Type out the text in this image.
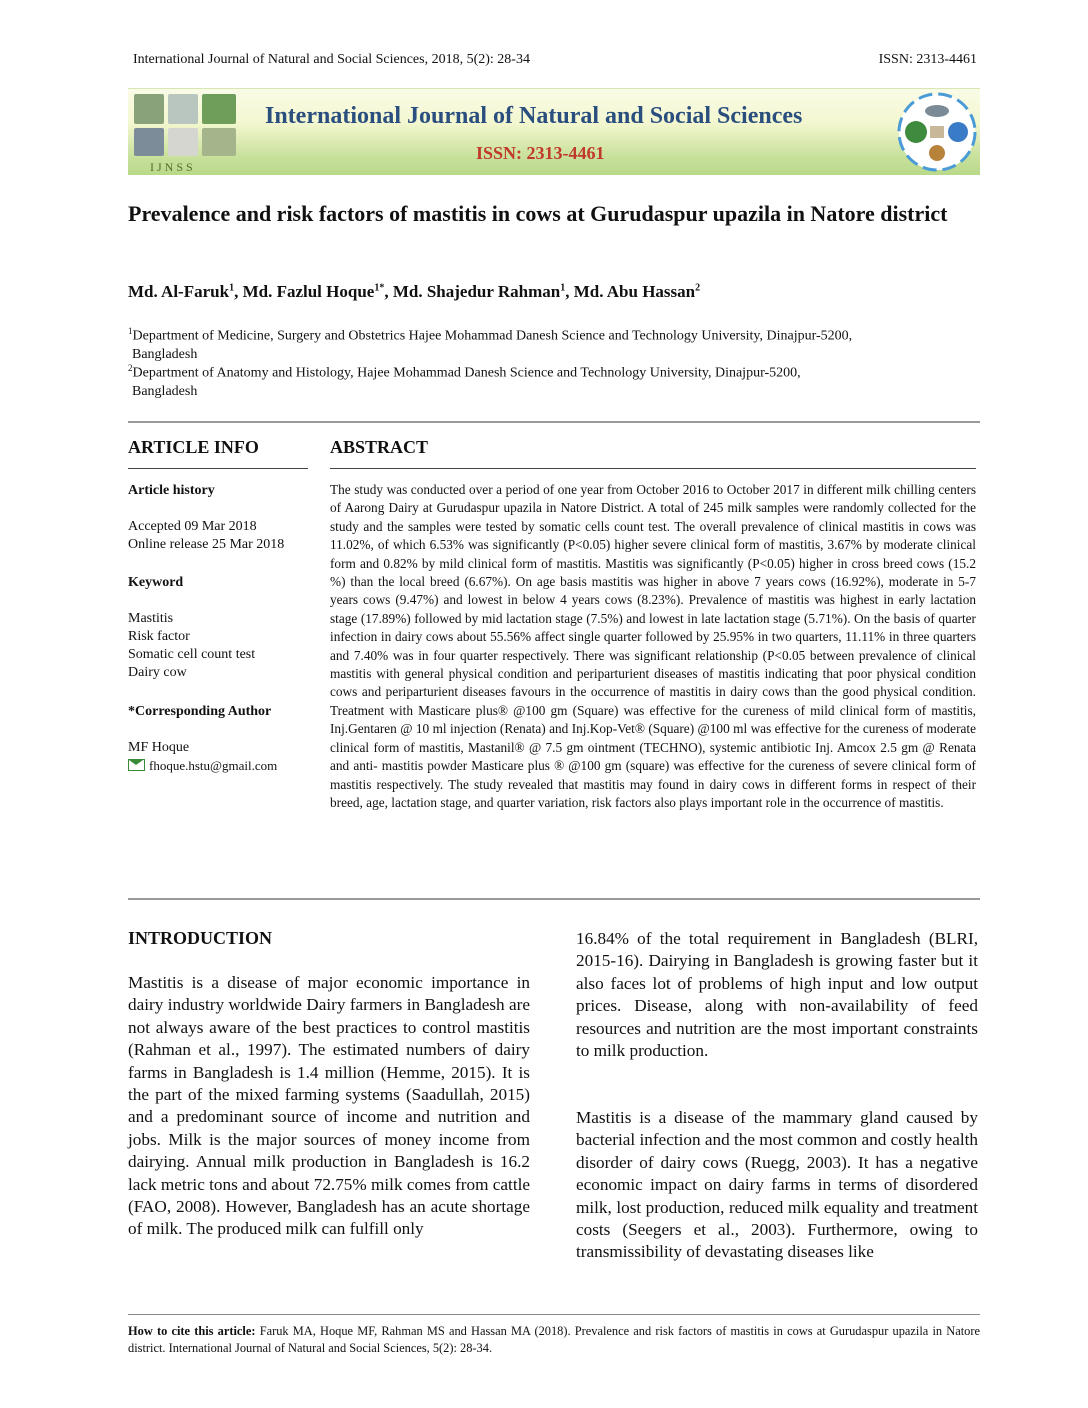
International Journal of Natural and Social Sciences, 2018, 5(2): 28-34	ISSN: 2313-4461
IJNSS
International Journal of Natural and Social Sciences
ISSN: 2313-4461
Prevalence and risk factors of mastitis in cows at Gurudaspur upazila in Natore district
Md. Al-Faruk$^1$, Md. Fazlul Hoque$^{1*}$, Md. Shajedur Rahman$^1$, Md. Abu Hassan$^2$
$^1$Department of Medicine, Surgery and Obstetrics Hajee Mohammad Danesh Science and Technology University, Dinajpur-5200,
Bangladesh
$^2$Department of Anatomy and Histology, Hajee Mohammad Danesh Science and Technology University, Dinajpur-5200,
Bangladesh
ARTICLE INFO
Article history
Accepted 09 Mar 2018
Online release 25 Mar 2018
Keyword
Mastitis
Risk factor
Somatic cell count test
Dairy cow
*Corresponding Author
MF Hoque
fhoque.hstu@gmail.com
ABSTRACT
The study was conducted over a period of one year from October 2016 to October 2017 in different milk chilling centers of Aarong Dairy at Gurudaspur upazila in Natore District. A total of 245 milk samples were randomly collected for the study and the samples were tested by somatic cells count test. The overall prevalence of clinical mastitis in cows was 11.02%, of which 6.53% was significantly (P<0.05) higher severe clinical form of mastitis, 3.67% by moderate clinical form and 0.82% by mild clinical form of mastitis. Mastitis was significantly (P<0.05) higher in cross breed cows (15.2 %) than the local breed (6.67%). On age basis mastitis was higher in above 7 years cows (16.92%), moderate in 5-7 years cows (9.47%) and lowest in below 4 years cows (8.23%). Prevalence of mastitis was highest in early lactation stage (17.89%) followed by mid lactation stage (7.5%) and lowest in late lactation stage (5.71%). On the basis of quarter infection in dairy cows about 55.56% affect single quarter followed by 25.95% in two quarters, 11.11% in three quarters and 7.40% was in four quarter respectively. There was significant relationship (P<0.05 between prevalence of clinical mastitis with general physical condition and periparturient diseases of mastitis indicating that poor physical condition cows and periparturient diseases favours in the occurrence of mastitis in dairy cows than the good physical condition. Treatment with Masticare plus® @100 gm (Square) was effective for the cureness of mild clinical form of mastitis, Inj.Gentaren @ 10 ml injection (Renata) and Inj.Kop-Vet® (Square) @100 ml was effective for the cureness of moderate clinical form of mastitis, Mastanil® @ 7.5 gm ointment (TECHNO), systemic antibiotic Inj. Amcox 2.5 gm @ Renata and anti- mastitis powder Masticare plus ® @100 gm (square) was effective for the cureness of severe clinical form of mastitis respectively. The study revealed that mastitis may found in dairy cows in different forms in respect of their breed, age, lactation stage, and quarter variation, risk factors also plays important role in the occurrence of mastitis.
INTRODUCTION
Mastitis is a disease of major economic importance in dairy industry worldwide Dairy farmers in Bangladesh are not always aware of the best practices to control mastitis (Rahman et al., 1997). The estimated numbers of dairy farms in Bangladesh is 1.4 million (Hemme, 2015). It is the part of the mixed farming systems (Saadullah, 2015) and a predominant source of income and nutrition and jobs. Milk is the major sources of money income from dairying. Annual milk production in Bangladesh is 16.2 lack metric tons and about 72.75% milk comes from cattle (FAO, 2008). However, Bangladesh has an acute shortage of milk. The produced milk can fulfill only
16.84% of the total requirement in Bangladesh (BLRI, 2015-16). Dairying in Bangladesh is growing faster but it also faces lot of problems of high input and low output prices. Disease, along with non-availability of feed resources and nutrition are the most important constraints to milk production.
Mastitis is a disease of the mammary gland caused by bacterial infection and the most common and costly health disorder of dairy cows (Ruegg, 2003). It has a negative economic impact on dairy farms in terms of disordered milk, lost production, reduced milk equality and treatment costs (Seegers et al., 2003). Furthermore, owing to transmissibility of devastating diseases like
How to cite this article: Faruk MA, Hoque MF, Rahman MS and Hassan MA (2018). Prevalence and risk factors of mastitis in cows at Gurudaspur upazila in Natore district. International Journal of Natural and Social Sciences, 5(2): 28-34.
